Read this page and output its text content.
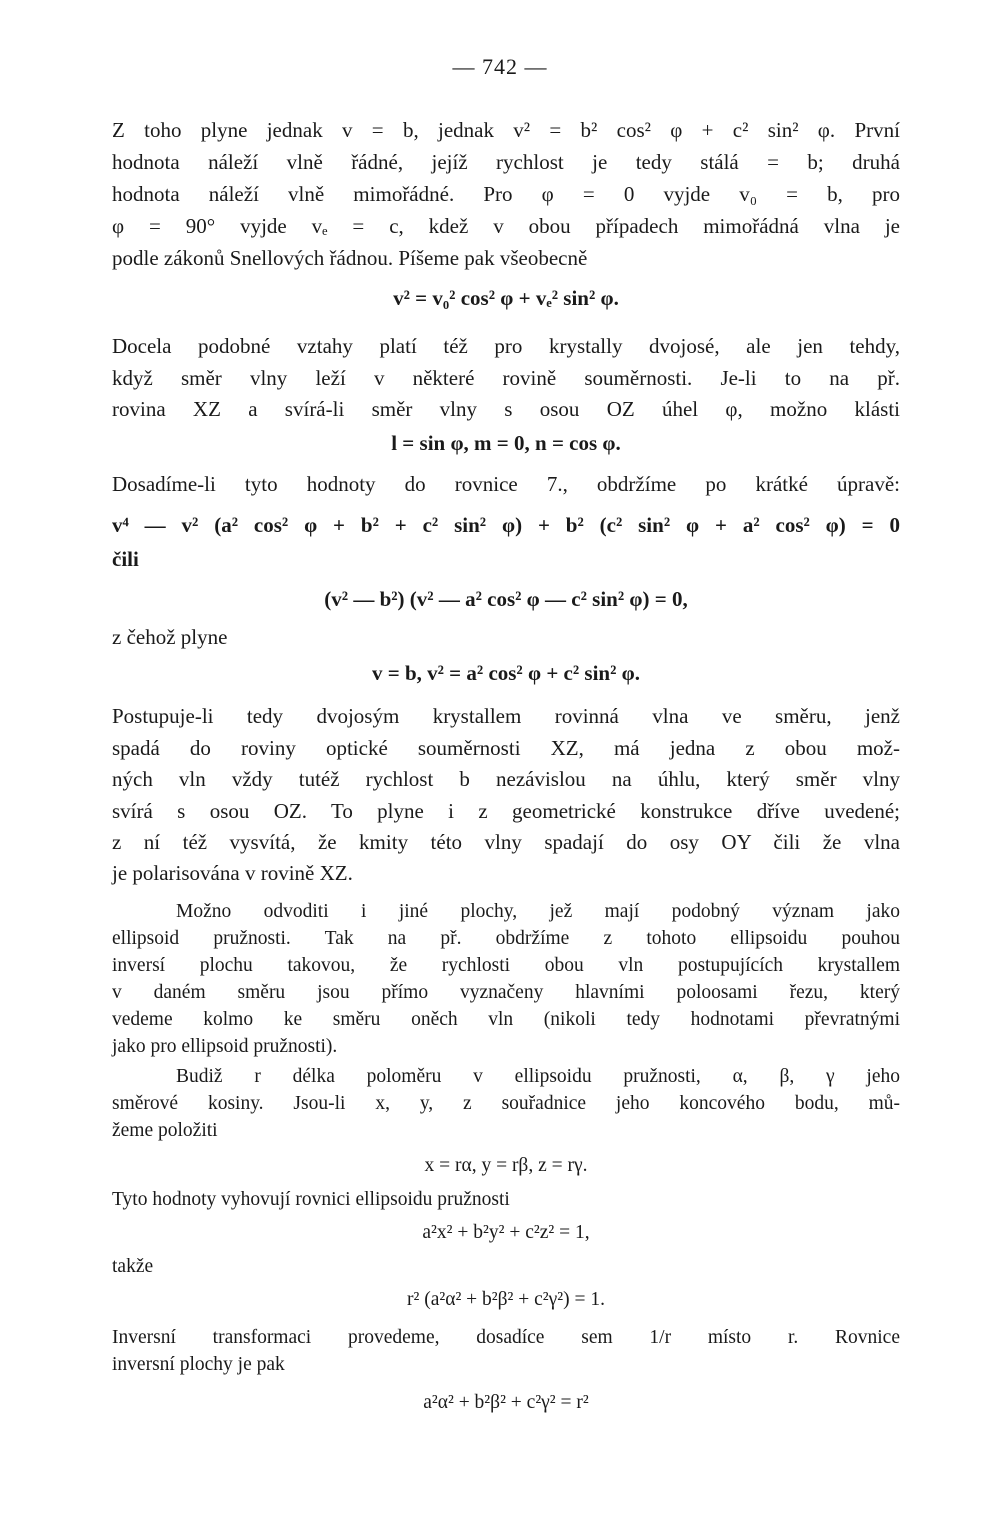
— 742 —
Z toho plyne jednak v = b, jednak v² = b² cos² φ + c² sin² φ. První
hodnota náleží vlně řádné, jejíž rychlost je tedy stálá = b; druhá
hodnota náleží vlně mimořádné. Pro φ = 0 vyjde v₀ = b, pro
φ = 90° vyjde vₑ = c, kdež v obou případech mimořádná vlna je
podle zákonů Snellových řádnou. Píšeme pak všeobecně
v² = v₀² cos² φ + vₑ² sin² φ.
Docela podobné vztahy platí též pro krystally dvojosé, ale jen tehdy,
když směr vlny leží v některé rovině souměrnosti. Je-li to na př.
rovina XZ a svírá-li směr vlny s osou OZ úhel φ, možno klásti
l = sin φ, m = 0, n = cos φ.
Dosadíme-li tyto hodnoty do rovnice 7., obdržíme po krátké úpravě:
v⁴ — v² (a² cos² φ + b² + c² sin² φ) + b² (c² sin² φ + a² cos² φ) = 0
čili
(v² — b²) (v² — a² cos² φ — c² sin² φ) = 0,
z čehož plyne
v = b, v² = a² cos² φ + c² sin² φ.
Postupuje-li tedy dvojosým krystallem rovinná vlna ve směru, jenž
spadá do roviny optické souměrnosti XZ, má jedna z obou mož-
ných vln vždy tutéž rychlost b nezávislou na úhlu, který směr vlny
svírá s osou OZ. To plyne i z geometrické konstrukce dříve uvedené;
z ní též vysvítá, že kmity této vlny spadají do osy OY čili že vlna
je polarisována v rovině XZ.
Možno odvoditi i jiné plochy, jež mají podobný význam jako
ellipsoid pružnosti. Tak na př. obdržíme z tohoto ellipsoidu pouhou
inversí plochu takovou, že rychlosti obou vln postupujících krystallem
v daném směru jsou přímo vyznačeny hlavními poloosami řezu, který
vedeme kolmo ke směru oněch vln (nikoli tedy hodnotami převratnými
jako pro ellipsoid pružnosti).
Budiž r délka poloměru v ellipsoidu pružnosti, α, β, γ jeho
směrové kosiny. Jsou-li x, y, z souřadnice jeho koncového bodu, mů-
žeme položiti
x = rα, y = rβ, z = rγ.
Tyto hodnoty vyhovují rovnici ellipsoidu pružnosti
a²x² + b²y² + c²z² = 1,
takže
r² (a²α² + b²β² + c²γ²) = 1.
Inversní transformaci provedeme, dosadíce sem 1/r místo r. Rovnice
inversní plochy je pak
a²α² + b²β² + c²γ² = r²
